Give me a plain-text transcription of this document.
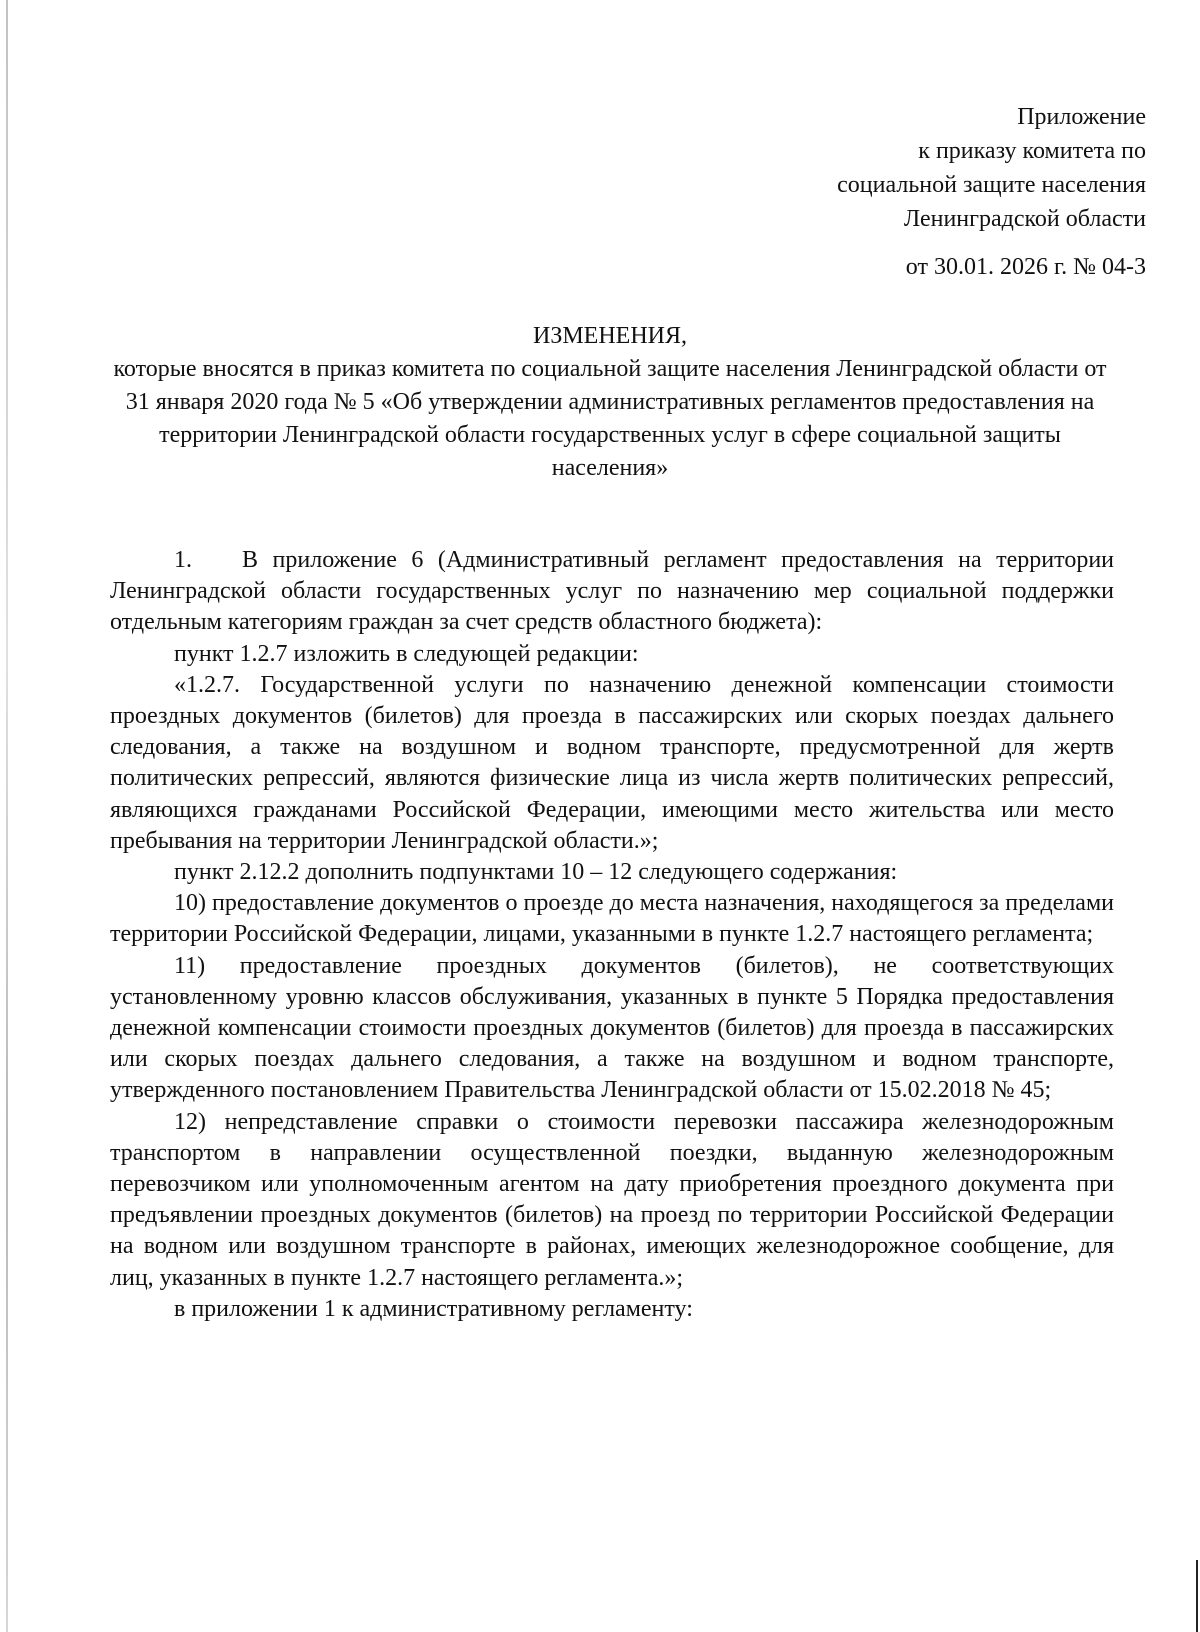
Приложение
к приказу комитета по
социальной защите населения
Ленинградской области
от 30.01. 2026 г. № 04-3
ИЗМЕНЕНИЯ,
которые вносятся в приказ комитета по социальной защите населения Ленинградской области от 31 января 2020 года № 5 «Об утверждении административных регламентов предоставления на территории Ленинградской области государственных услуг в сфере социальной защиты населения»

1. В приложение 6 (Административный регламент предоставления на территории Ленинградской области государственных услуг по назначению мер социальной поддержки отдельным категориям граждан за счет средств областного бюджета):

пункт 1.2.7 изложить в следующей редакции:

«1.2.7. Государственной услуги по назначению денежной компенсации стоимости проездных документов (билетов) для проезда в пассажирских или скорых поездах дальнего следования, а также на воздушном и водном транспорте, предусмотренной для жертв политических репрессий, являются физические лица из числа жертв политических репрессий, являющихся гражданами Российской Федерации, имеющими место жительства или место пребывания на территории Ленинградской области.»;

пункт 2.12.2 дополнить подпунктами 10 – 12 следующего содержания:

10) предоставление документов о проезде до места назначения, находящегося за пределами территории Российской Федерации, лицами, указанными в пункте 1.2.7 настоящего регламента;

11) предоставление проездных документов (билетов), не соответствующих установленному уровню классов обслуживания, указанных в пункте 5 Порядка предоставления денежной компенсации стоимости проездных документов (билетов) для проезда в пассажирских или скорых поездах дальнего следования, а также на воздушном и водном транспорте, утвержденного постановлением Правительства Ленинградской области от 15.02.2018 № 45;

12) непредставление справки о стоимости перевозки пассажира железнодорожным транспортом в направлении осуществленной поездки, выданную железнодорожным перевозчиком или уполномоченным агентом на дату приобретения проездного документа при предъявлении проездных документов (билетов) на проезд по территории Российской Федерации на водном или воздушном транспорте в районах, имеющих железнодорожное сообщение, для лиц, указанных в пункте 1.2.7 настоящего регламента.»;

в приложении 1 к административному регламенту:
